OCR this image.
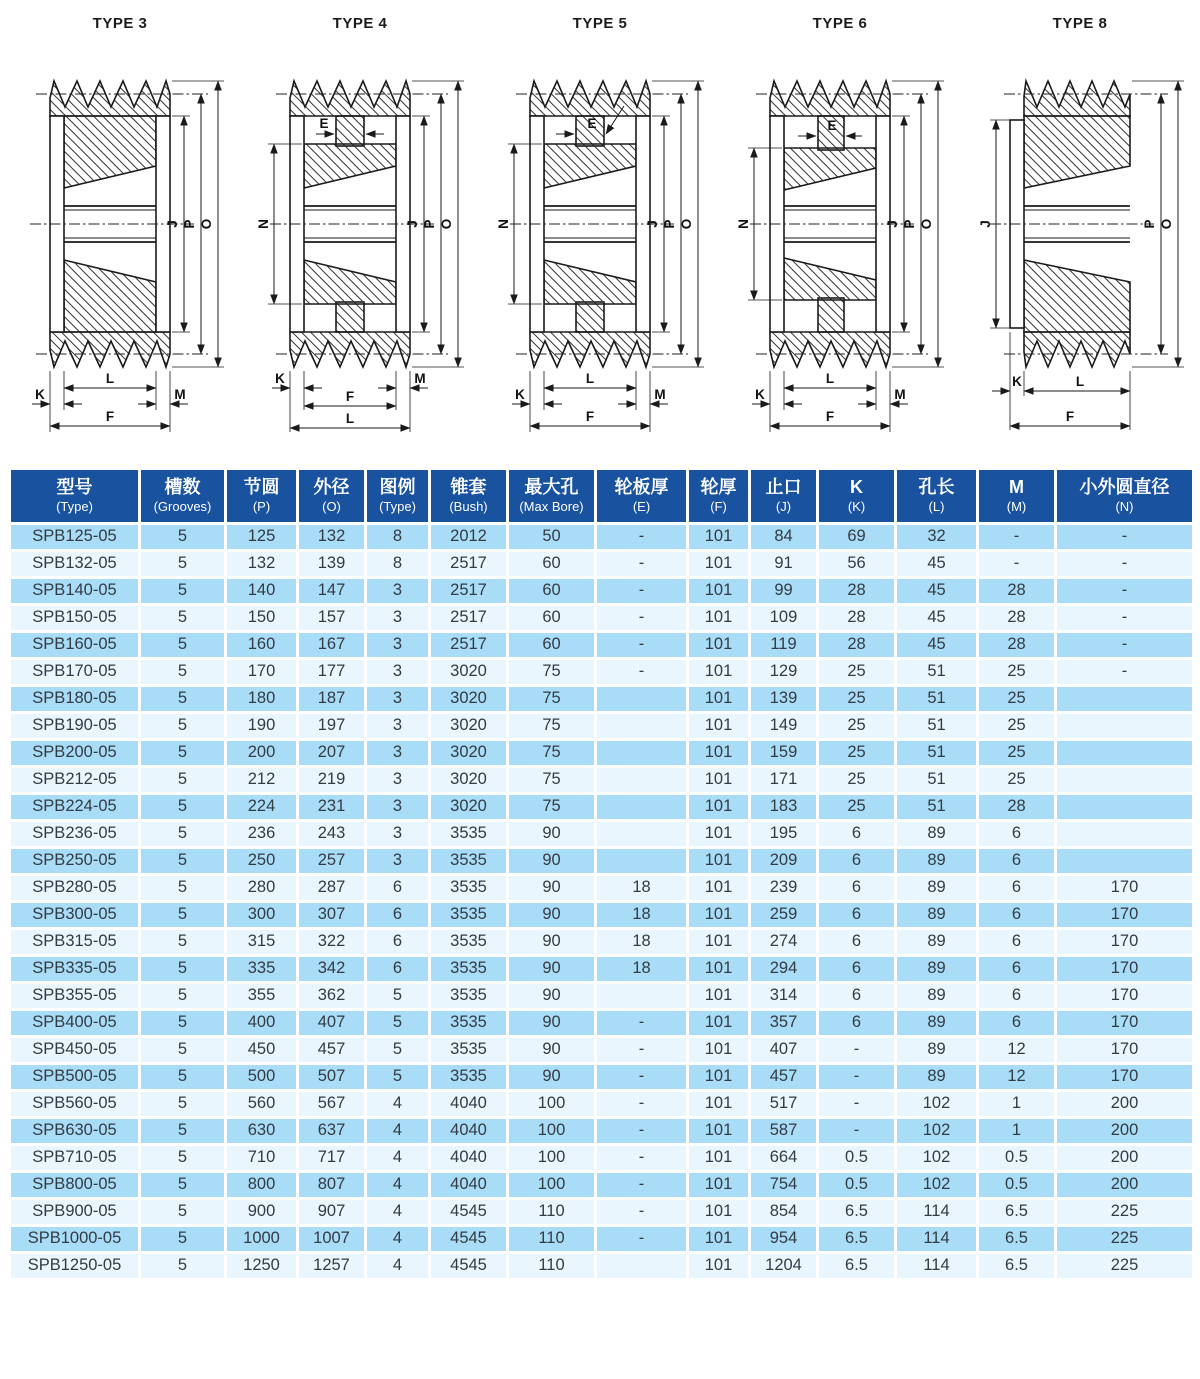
TYPE 3
J P O
L
K	M
F
TYPE 4
E
N	J P O
K	M
F
L
TYPE 5
E
N	J P O
L
K	M
F
TYPE 6
E
N	J P O
L
K	M
F
TYPE 8
J	P O
K	L
F
型号
(Type)

槽数
(Grooves)

节圆
(P)

外径
(O)

图例
(Type)

锥套
(Bush)

最大孔
(Max Bore)

轮板厚
(E)

轮厚
(F)

止口
(J)

K
(K)

孔长
(L)

M
(M)

小外圆直径
(N)

SPB125-05	5	125	132	8	2012	50	-	101	84	69	32	-	-
SPB132-05	5	132	139	8	2517	60	-	101	91	56	45	-	-
SPB140-05	5	140	147	3	2517	60	-	101	99	28	45	28	-
SPB150-05	5	150	157	3	2517	60	-	101	109	28	45	28	-
SPB160-05	5	160	167	3	2517	60	-	101	119	28	45	28	-
SPB170-05	5	170	177	3	3020	75	-	101	129	25	51	25	-
SPB180-05	5	180	187	3	3020	75		101	139	25	51	25	
SPB190-05	5	190	197	3	3020	75		101	149	25	51	25	
SPB200-05	5	200	207	3	3020	75		101	159	25	51	25	
SPB212-05	5	212	219	3	3020	75		101	171	25	51	25	
SPB224-05	5	224	231	3	3020	75		101	183	25	51	28	
SPB236-05	5	236	243	3	3535	90		101	195	6	89	6	
SPB250-05	5	250	257	3	3535	90		101	209	6	89	6	
SPB280-05	5	280	287	6	3535	90	18	101	239	6	89	6	170
SPB300-05	5	300	307	6	3535	90	18	101	259	6	89	6	170
SPB315-05	5	315	322	6	3535	90	18	101	274	6	89	6	170
SPB335-05	5	335	342	6	3535	90	18	101	294	6	89	6	170
SPB355-05	5	355	362	5	3535	90		101	314	6	89	6	170
SPB400-05	5	400	407	5	3535	90	-	101	357	6	89	6	170
SPB450-05	5	450	457	5	3535	90	-	101	407	-	89	12	170
SPB500-05	5	500	507	5	3535	90	-	101	457	-	89	12	170
SPB560-05	5	560	567	4	4040	100	-	101	517	-	102	1	200
SPB630-05	5	630	637	4	4040	100	-	101	587	-	102	1	200
SPB710-05	5	710	717	4	4040	100	-	101	664	0.5	102	0.5	200
SPB800-05	5	800	807	4	4040	100	-	101	754	0.5	102	0.5	200
SPB900-05	5	900	907	4	4545	110	-	101	854	6.5	114	6.5	225
SPB1000-05	5	1000	1007	4	4545	110	-	101	954	6.5	114	6.5	225
SPB1250-05	5	1250	1257	4	4545	110		101	1204	6.5	114	6.5	225
